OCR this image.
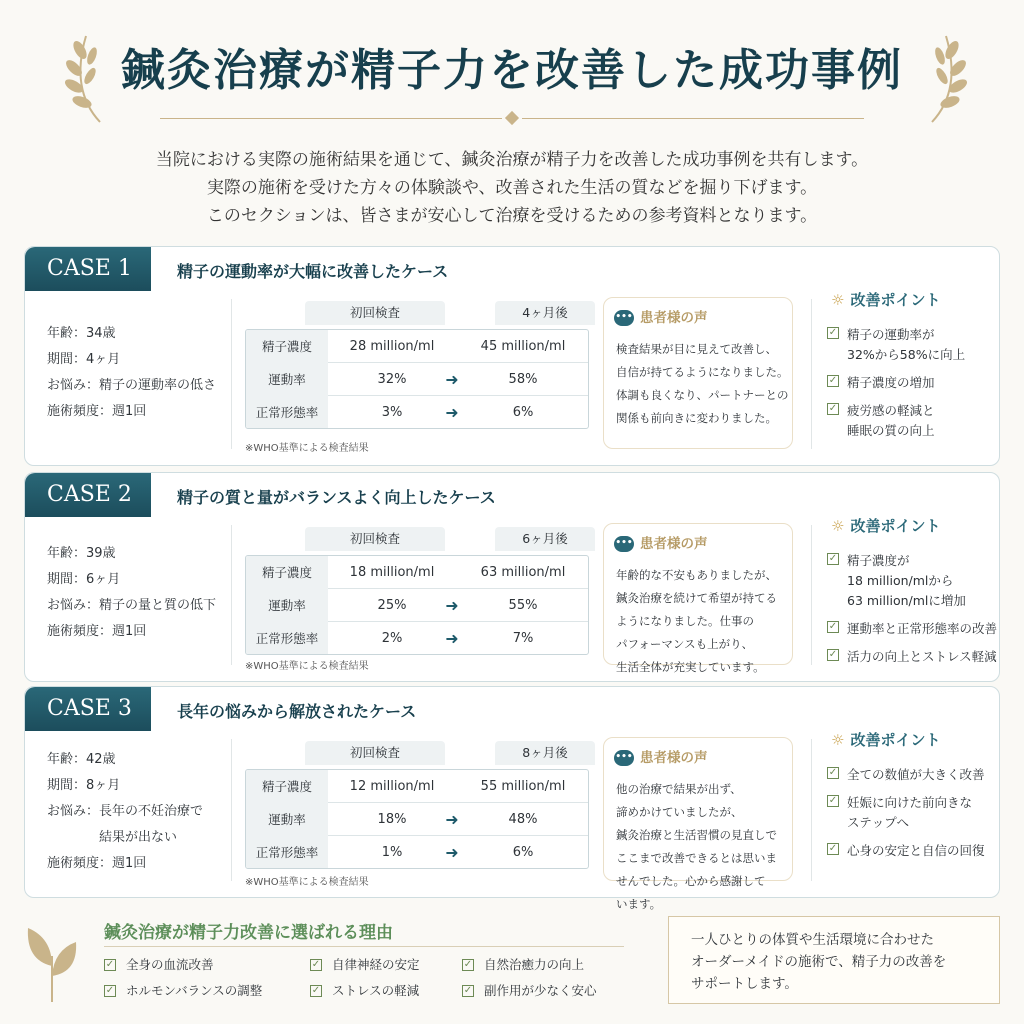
鍼灸治療が精子力を改善した成功事例
当院における実際の施術結果を通じて、鍼灸治療が精子力を改善した成功事例を共有します。
実際の施術を受けた方々の体験談や、改善された生活の質などを掘り下げます。
このセクションは、皆さまが安心して治療を受けるための参考資料となります。
CASE 1	精子の運動率が大幅に改善したケース
年齢：34歳
期間：4ヶ月
お悩み：精子の運動率の低さ
施術頻度：週1回
初回検査	4ヶ月後
精子濃度	28 million/ml	45 million/ml
運動率	32%	➜	58%
正常形態率	3%	➜	6%
※WHO基準による検査結果
••• 患者様の声
検査結果が目に見えて改善し、
自信が持てるようになりました。
体調も良くなり、パートナーとの
関係も前向きに変わりました。
☼ 改善ポイント
✓ 精子の運動率が
32%から58%に向上
✓ 精子濃度の増加
✓ 疲労感の軽減と
睡眠の質の向上
CASE 2	精子の質と量がバランスよく向上したケース
年齢：39歳
期間：6ヶ月
お悩み：精子の量と質の低下
施術頻度：週1回
初回検査	6ヶ月後
精子濃度	18 million/ml	63 million/ml
運動率	25%	➜	55%
正常形態率	2%	➜	7%
※WHO基準による検査結果
••• 患者様の声
年齢的な不安もありましたが、
鍼灸治療を続けて希望が持てる
ようになりました。仕事の
パフォーマンスも上がり、
生活全体が充実しています。
☼ 改善ポイント
✓ 精子濃度が
18 million/mlから
63 million/mlに増加
✓ 運動率と正常形態率の改善
✓ 活力の向上とストレス軽減
CASE 3	長年の悩みから解放されたケース
年齢：42歳
期間：8ヶ月
お悩み：長年の不妊治療で
結果が出ない
施術頻度：週1回
初回検査	8ヶ月後
精子濃度	12 million/ml	55 million/ml
運動率	18%	➜	48%
正常形態率	1%	➜	6%
※WHO基準による検査結果
••• 患者様の声
他の治療で結果が出ず、
諦めかけていましたが、
鍼灸治療と生活習慣の見直しで
ここまで改善できるとは思いま
せんでした。心から感謝して
います。
☼ 改善ポイント
✓ 全ての数値が大きく改善
✓ 妊娠に向けた前向きな
ステップへ
✓ 心身の安定と自信の回復
鍼灸治療が精子力改善に選ばれる理由
✓ 全身の血流改善	✓ 自律神経の安定	✓ 自然治癒力の向上
✓ ホルモンバランスの調整	✓ ストレスの軽減	✓ 副作用が少なく安心
一人ひとりの体質や生活環境に合わせた
オーダーメイドの施術で、精子力の改善を
サポートします。
